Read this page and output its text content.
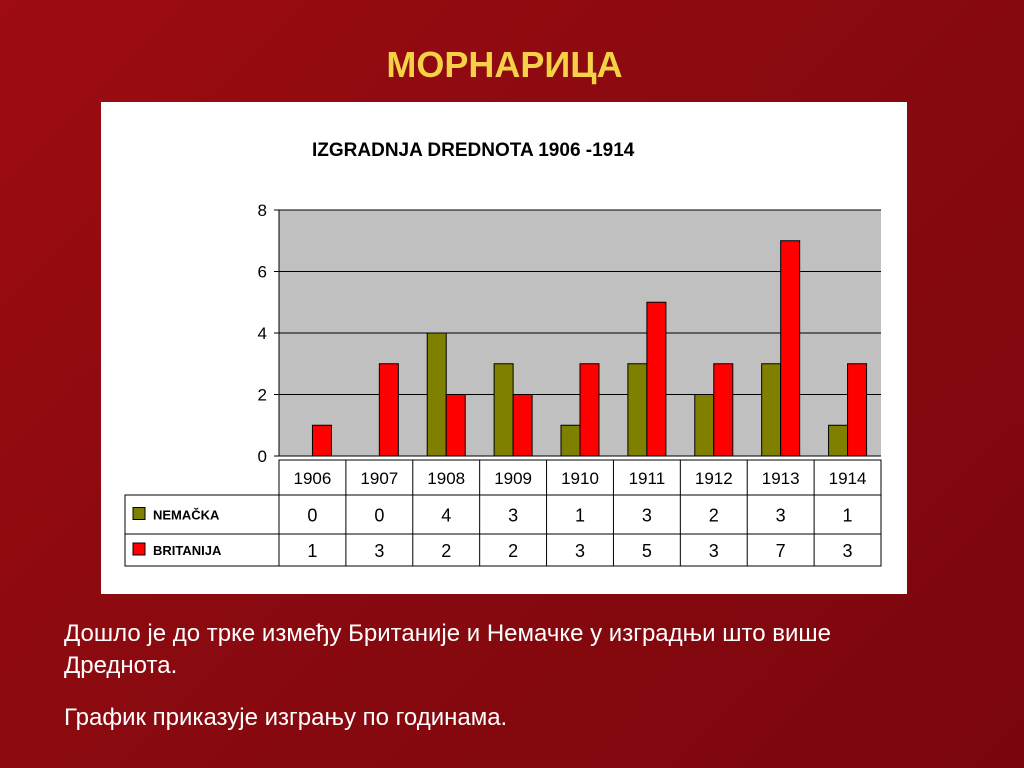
МОРНАРИЦА
0
2
4
6
8
1906 1907 1908 1909 1910 1911 1912 1913 1914
NEMAČKA	0	0	4	3	1	3	2	3	1
BRITANIJA	1	3	2	2	3	5	3	7	3
IZGRADNJA DREDNOTA 1906 -1914
Дошло је до трке између Британије и Немачке у изградњи што више Дреднота.
График приказује изгрању по годинама.
